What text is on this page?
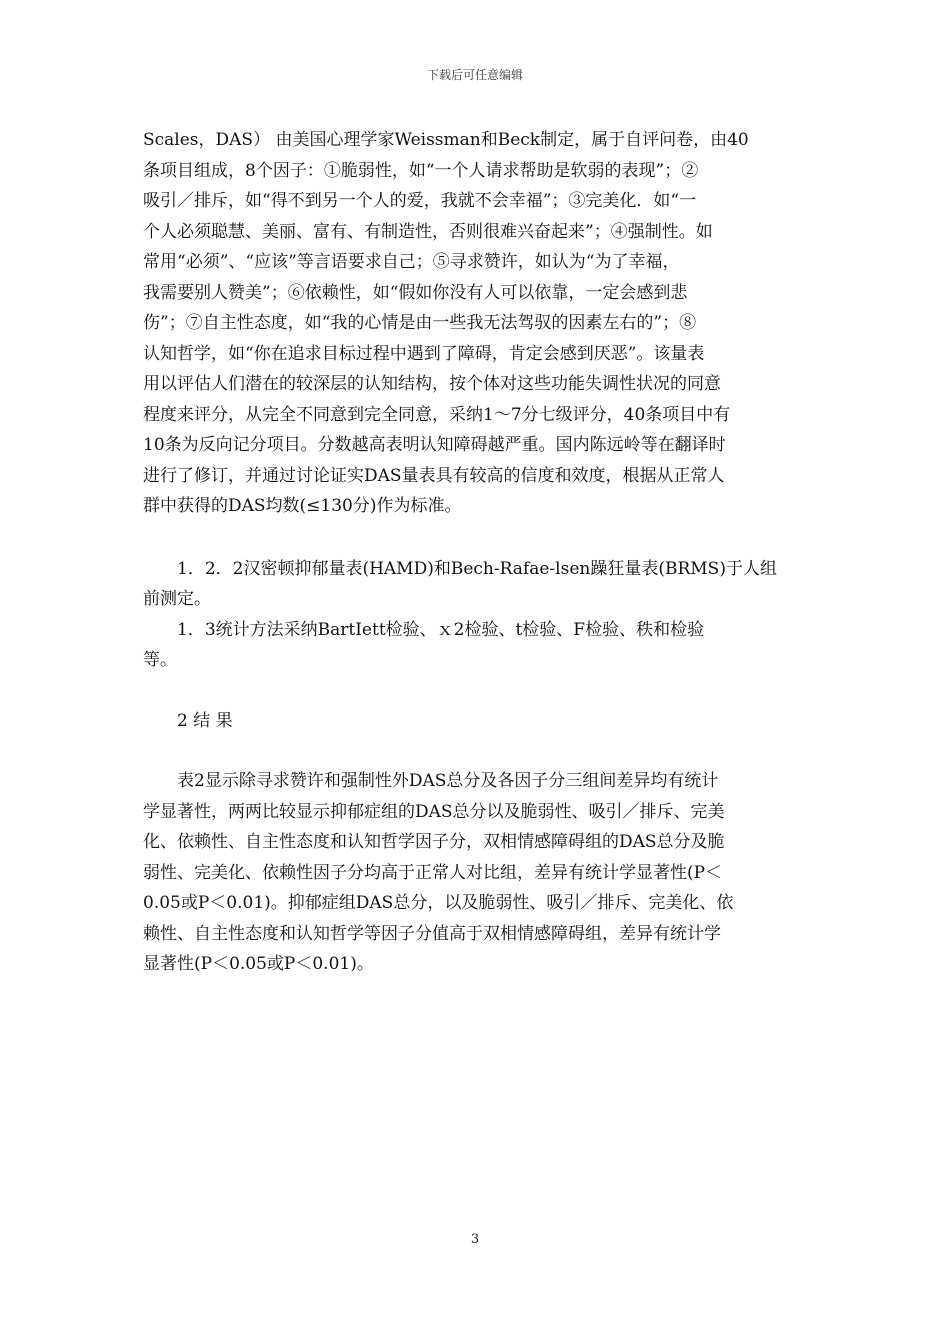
下载后可任意编辑
Scales，DAS） 由美国心理学家Weissman和Beck制定，属于自评问卷，由40
条项目组成，8个因子：①脆弱性，如“一个人请求帮助是软弱的表现”；②
吸引／排斥，如“得不到另一个人的爱，我就不会幸福”；③完美化．如“一
个人必须聪慧、美丽、富有、有制造性，否则很难兴奋起来”；④强制性。如
常用“必须”、“应该”等言语要求自己；⑤寻求赞许，如认为“为了幸福，
我需要别人赞美”；⑥依赖性，如“假如你没有人可以依靠，一定会感到悲
伤”；⑦自主性态度，如“我的心情是由一些我无法驾驭的因素左右的”；⑧
认知哲学，如“你在追求目标过程中遇到了障碍，肯定会感到厌恶”。该量表
用以评估人们潜在的较深层的认知结构，按个体对这些功能失调性状况的同意
程度来评分，从完全不同意到完全同意，采纳1～7分七级评分，40条项目中有
10条为反向记分项目。分数越高表明认知障碍越严重。国内陈远岭等在翻译时
进行了修订，并通过讨论证实DAS量表具有较高的信度和效度，根据从正常人
群中获得的DAS均数(≤130分)作为标准。
1．2．2汉密顿抑郁量表(HAMD)和Bech-Rafae-lsen躁狂量表(BRMS)于人组
前测定。
1．3统计方法采纳BartIett检验、ｘ2检验、t检验、F检验、秩和检验
等。
2 结 果
表2显示除寻求赞许和强制性外DAS总分及各因子分三组间差异均有统计
学显著性，两两比较显示抑郁症组的DAS总分以及脆弱性、吸引／排斥、完美
化、依赖性、自主性态度和认知哲学因子分，双相情感障碍组的DAS总分及脆
弱性、完美化、依赖性因子分均高于正常人对比组，差异有统计学显著性(P＜
0.05或P＜0.01)。抑郁症组DAS总分，以及脆弱性、吸引／排斥、完美化、依
赖性、自主性态度和认知哲学等因子分值高于双相情感障碍组，差异有统计学
显著性(P＜0.05或P＜0.01)。
3
